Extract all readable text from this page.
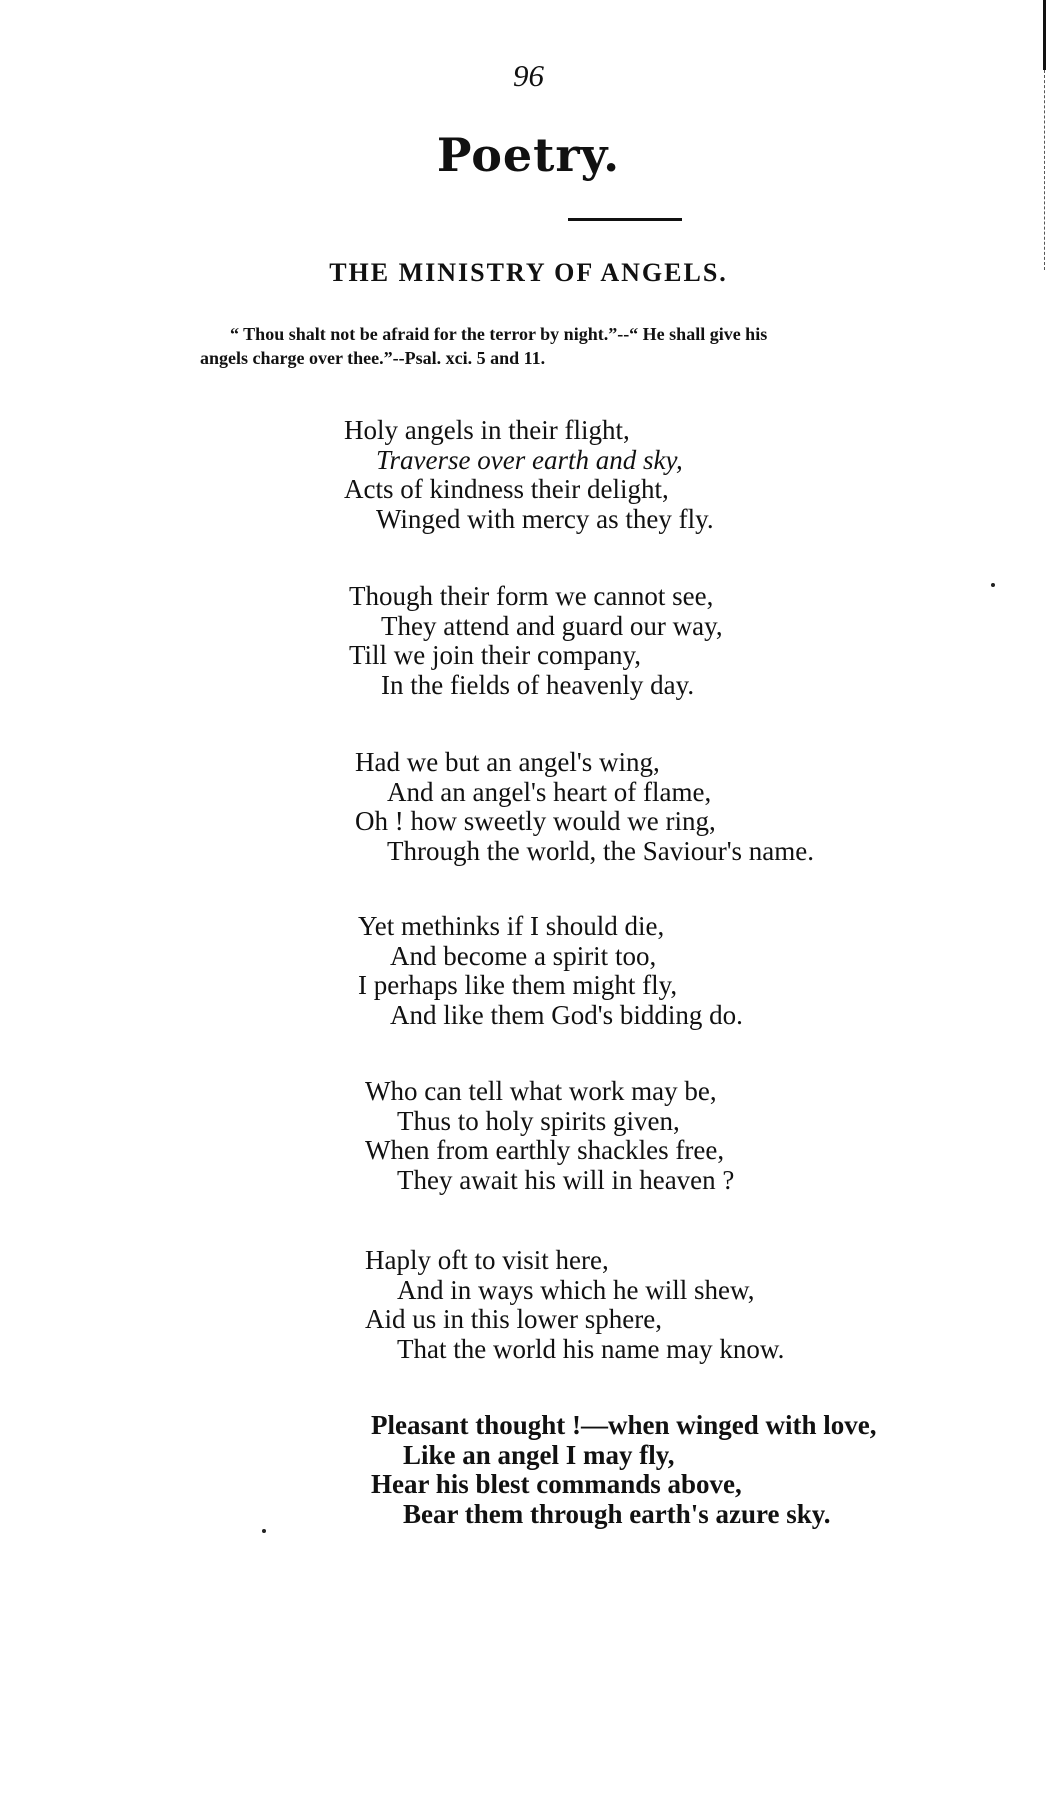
96
Poetry.
THE MINISTRY OF ANGELS.
“ Thou shalt not be afraid for the terror by night.”--“ He shall give his
angels charge over thee.”--Psal. xci. 5 and 11.
Holy angels in their flight,
Traverse over earth and sky,
Acts of kindness their delight,
Winged with mercy as they fly.
Though their form we cannot see,
They attend and guard our way,
Till we join their company,
In the fields of heavenly day.
Had we but an angel's wing,
And an angel's heart of flame,
Oh ! how sweetly would we ring,
Through the world, the Saviour's name.
Yet methinks if I should die,
And become a spirit too,
I perhaps like them might fly,
And like them God's bidding do.
Who can tell what work may be,
Thus to holy spirits given,
When from earthly shackles free,
They await his will in heaven ?
Haply oft to visit here,
And in ways which he will shew,
Aid us in this lower sphere,
That the world his name may know.
Pleasant thought !—when winged with love,
Like an angel I may fly,
Hear his blest commands above,
Bear them through earth's azure sky.
